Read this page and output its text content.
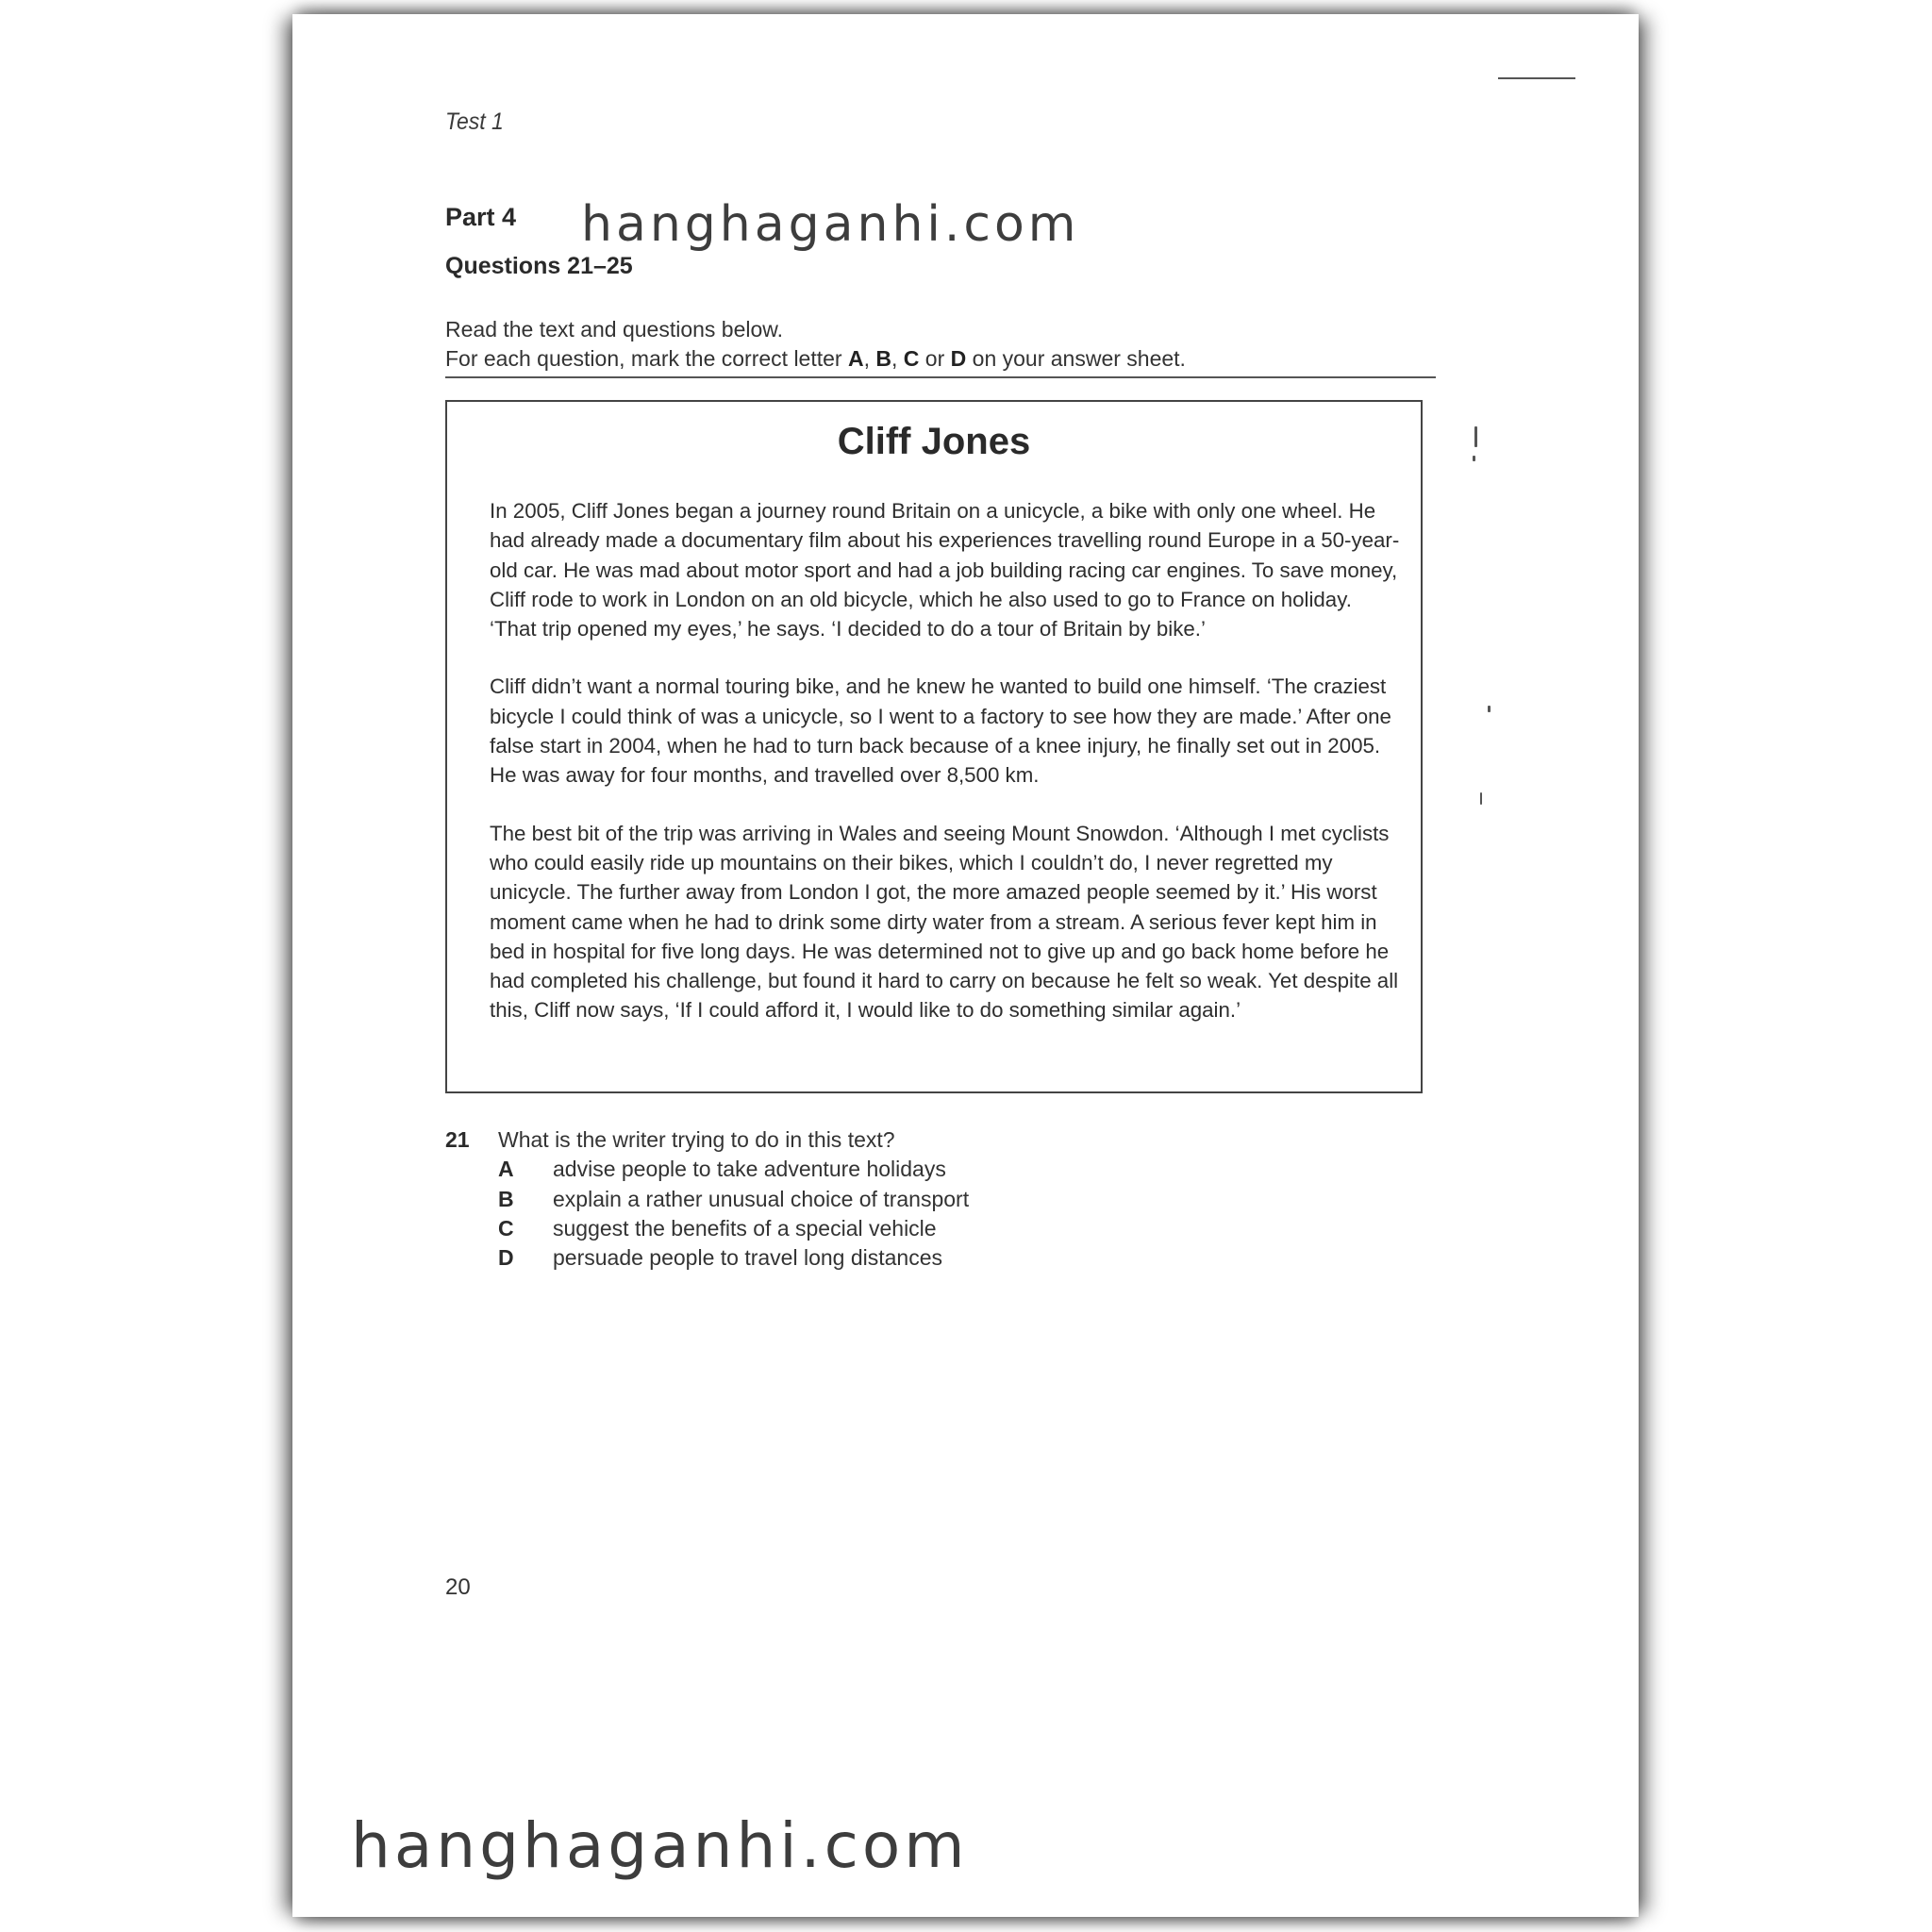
Test 1
Part 4
Questions 21–25
Read the text and questions below.
For each question, mark the correct letter A, B, C or D on your answer sheet.
Cliff Jones

In 2005, Cliff Jones began a journey round Britain on a unicycle, a bike with only one wheel. He had already made a documentary film about his experiences travelling round Europe in a 50-year-old car. He was mad about motor sport and had a job building racing car engines. To save money, Cliff rode to work in London on an old bicycle, which he also used to go to France on holiday. ‘That trip opened my eyes,’ he says. ‘I decided to do a tour of Britain by bike.’

Cliff didn’t want a normal touring bike, and he knew he wanted to build one himself. ‘The craziest bicycle I could think of was a unicycle, so I went to a factory to see how they are made.’ After one false start in 2004, when he had to turn back because of a knee injury, he finally set out in 2005. He was away for four months, and travelled over 8,500 km.

The best bit of the trip was arriving in Wales and seeing Mount Snowdon. ‘Although I met cyclists who could easily ride up mountains on their bikes, which I couldn’t do, I never regretted my unicycle. The further away from London I got, the more amazed people seemed by it.’ His worst moment came when he had to drink some dirty water from a stream. A serious fever kept him in bed in hospital for five long days. He was determined not to give up and go back home before he had completed his challenge, but found it hard to carry on because he felt so weak. Yet despite all this, Cliff now says, ‘If I could afford it, I would like to do something similar again.’

21	What is the writer trying to do in this text?
A	advise people to take adventure holidays
B	explain a rather unusual choice of transport
C	suggest the benefits of a special vehicle
D	persuade people to travel long distances
20
hanghaganhi.com
hanghaganhi.com
